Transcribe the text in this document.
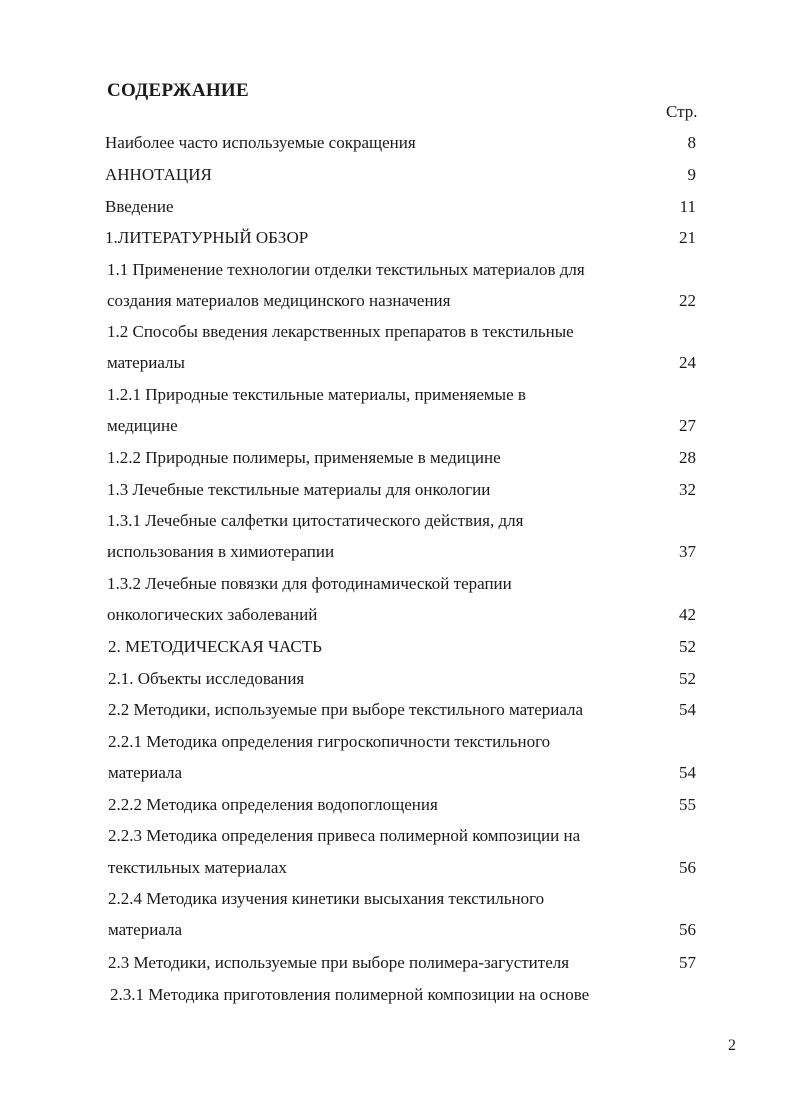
СОДЕРЖАНИЕ
Стр.
Наиболее часто используемые сокращения	8
АННОТАЦИЯ	9
Введение	11
1.ЛИТЕРАТУРНЫЙ ОБЗОР	21
1.1 Применение технологии отделки текстильных материалов для
создания материалов медицинского назначения	22
1.2 Способы введения лекарственных препаратов в текстильные
материалы	24
1.2.1 Природные текстильные материалы, применяемые в
медицине	27
1.2.2 Природные полимеры, применяемые в медицине	28
1.3 Лечебные текстильные материалы для онкологии	32
1.3.1 Лечебные салфетки цитостатического действия, для
использования в химиотерапии	37
1.3.2 Лечебные повязки для фотодинамической терапии
онкологических заболеваний	42
2. МЕТОДИЧЕСКАЯ ЧАСТЬ	52
2.1. Объекты исследования	52
2.2 Методики, используемые при выборе текстильного материала	54
2.2.1 Методика определения гигроскопичности текстильного
материала	54
2.2.2 Методика определения водопоглощения	55
2.2.3 Методика определения привеса полимерной композиции на
текстильных материалах	56
2.2.4 Методика изучения кинетики высыхания текстильного
материала	56
2.3 Методики, используемые при выборе полимера-загустителя	57
2.3.1 Методика приготовления полимерной композиции на основе
2
